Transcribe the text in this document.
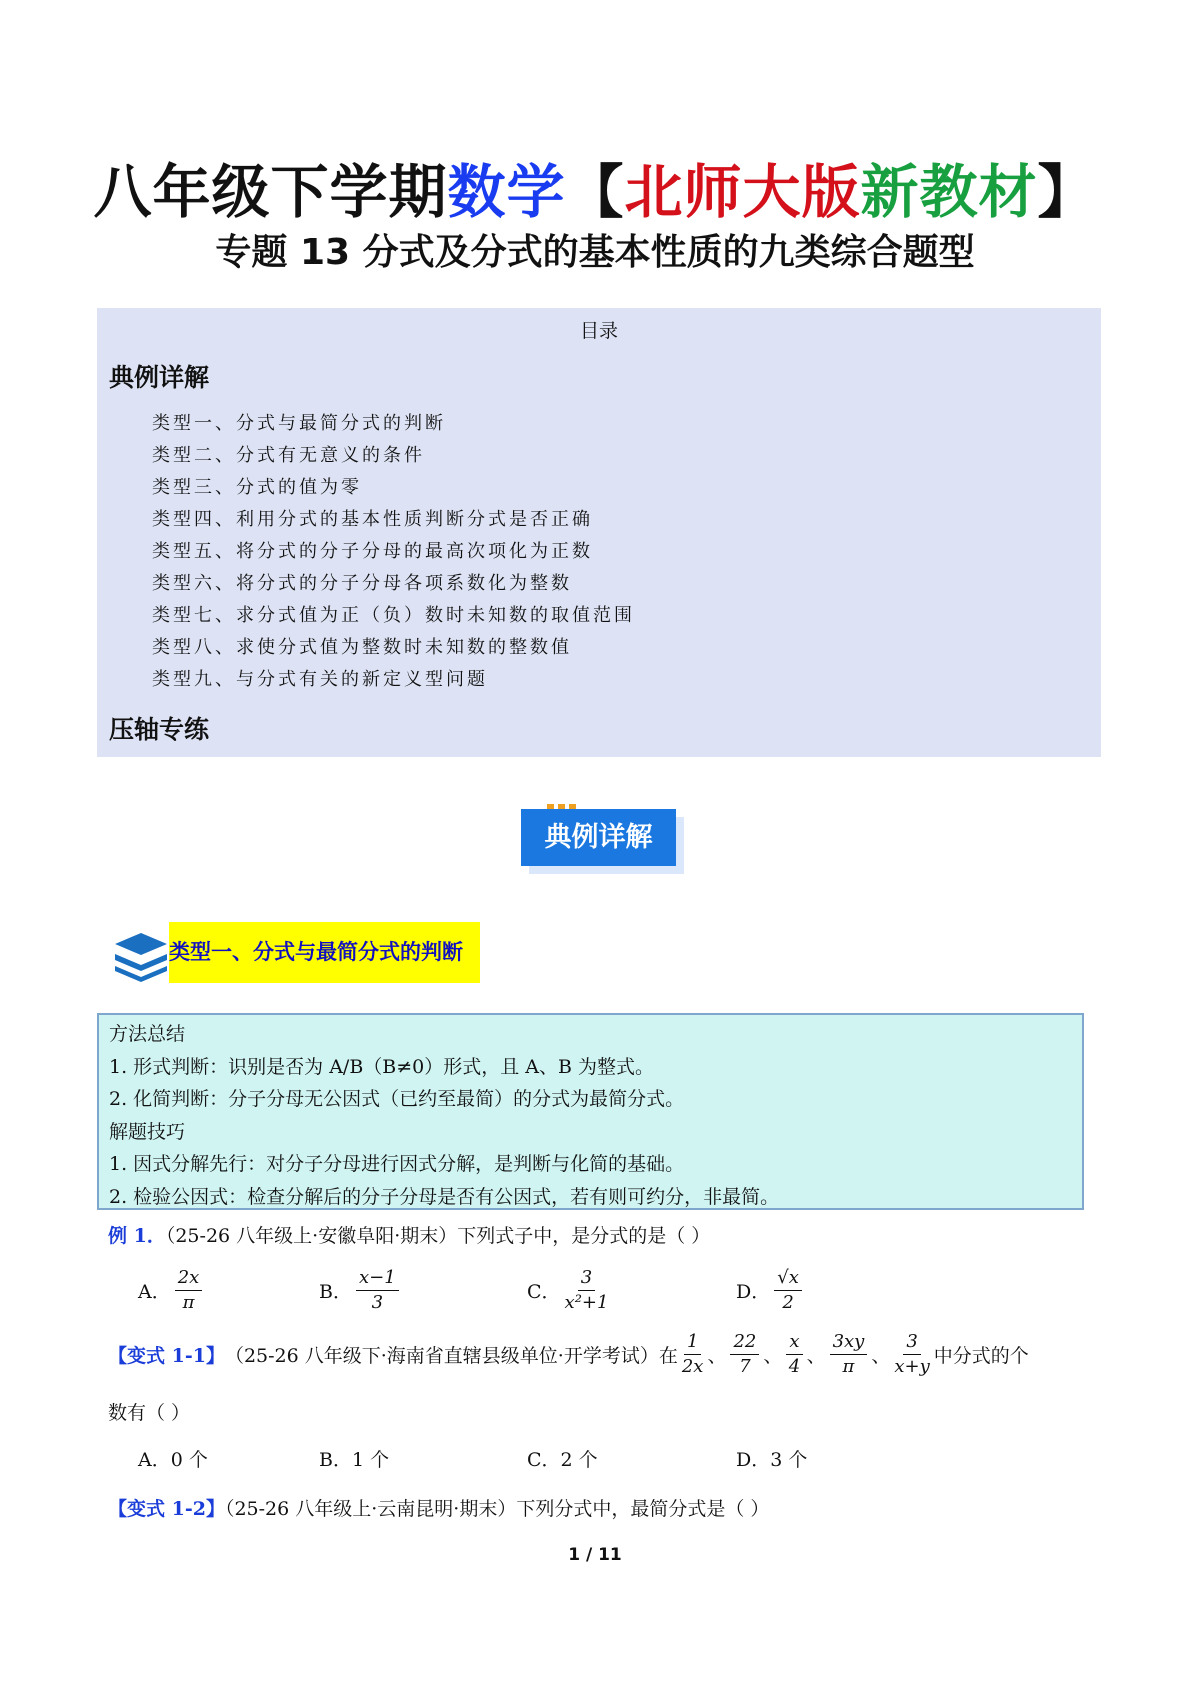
八年级下学期数学【北师大版新教材】
专题 13 分式及分式的基本性质的九类综合题型
目录
典例详解
类型一、分式与最简分式的判断
类型二、分式有无意义的条件
类型三、分式的值为零
类型四、利用分式的基本性质判断分式是否正确
类型五、将分式的分子分母的最高次项化为正数
类型六、将分式的分子分母各项系数化为整数
类型七、求分式值为正（负）数时未知数的取值范围
类型八、求使分式值为整数时未知数的整数值
类型九、与分式有关的新定义型问题
压轴专练
典例详解
类型一、分式与最简分式的判断
方法总结
1. 形式判断：识别是否为 A/B（B≠0）形式，且 A、B 为整式。
2. 化简判断：分子分母无公因式（已约至最简）的分式为最简分式。
解题技巧
1. 因式分解先行：对分子分母进行因式分解，是判断与化简的基础。
2. 检验公因式：检查分解后的分子分母是否有公因式，若有则可约分，非最简。
例 1．（25-26 八年级上·安徽阜阳·期末）下列式子中，是分式的是（ ）
A． $\frac{2x}{\pi}$	B． $\frac{x-1}{3}$	C． $\frac{3}{\text{x²+1}}$	D． $\frac{√x}{2}$
【变式 1-1】 （25-26 八年级下·海南省直辖县级单位·开学考试）在 $\frac{1}{2x}$ 、 $\frac{22}{7}$ 、 $\frac{x}{4}$ 、 $\frac{3xy}{\pi}$ 、 $\frac{3}{x+y}$ 中分式的个
数有（ ）
A．0 个	B．1 个	C．2 个	D．3 个
【变式 1-2】（25-26 八年级上·云南昆明·期末）下列分式中，最简分式是（ ）
1 / 11
